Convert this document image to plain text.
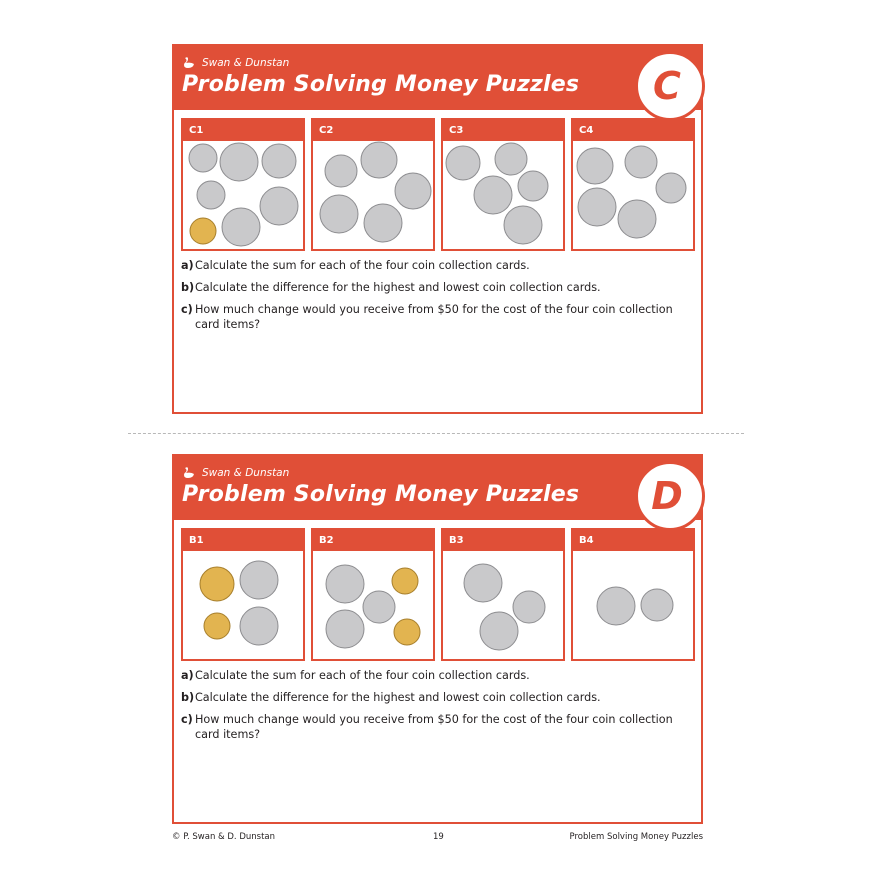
Swan & Dunstan
Problem Solving Money Puzzles	C
C1	C2	C3	C4
a) Calculate the sum for each of the four coin collection cards.
b) Calculate the difference for the highest and lowest coin collection cards.
c) How much change would you receive from $50 for the cost of the four coin collection card items?
Swan & Dunstan
Problem Solving Money Puzzles	D
B1	B2	B3	B4
a) Calculate the sum for each of the four coin collection cards.
b) Calculate the difference for the highest and lowest coin collection cards.
c) How much change would you receive from $50 for the cost of the four coin collection card items?
© P. Swan & D. Dunstan	19	Problem Solving Money Puzzles
